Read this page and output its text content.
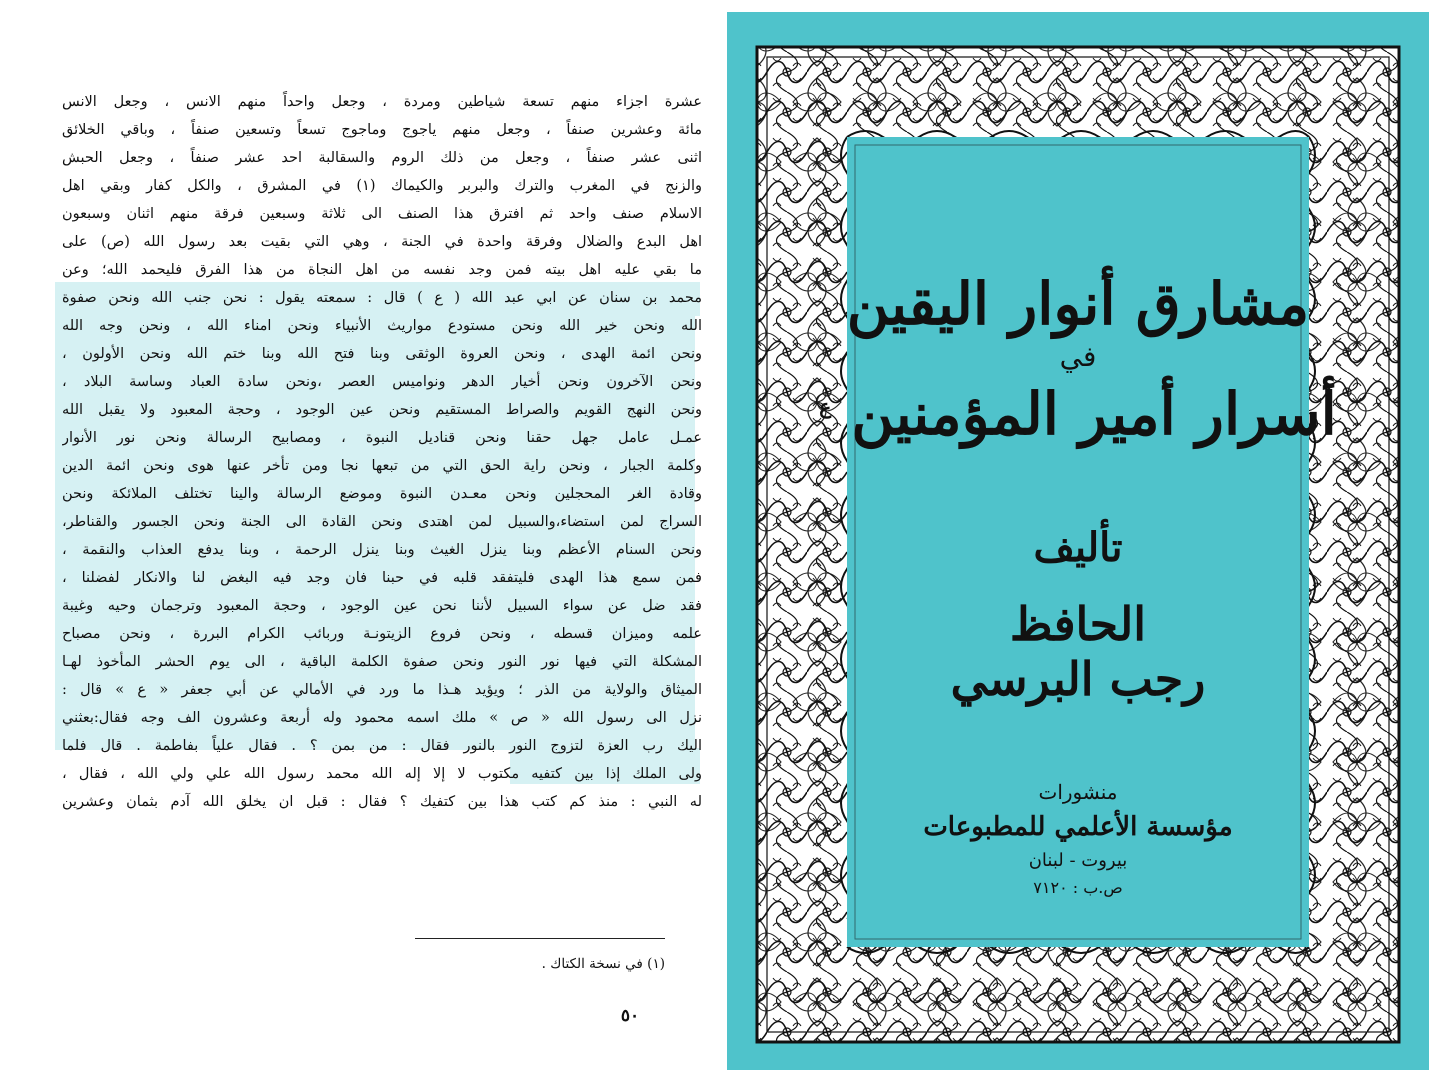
عشرة اجزاء منهم تسعة شياطين ومردة ، وجعل واحداً منهم الانس ، وجعل الانس
مائة وعشرين صنفاً ، وجعل منهم ياجوج وماجوج تسعاً وتسعين صنفاً ، وباقي الخلائق
اثنى عشر صنفاً ، وجعل من ذلك الروم والسقالبة احد عشر صنفاً ، وجعل الحبش
والزنج في المغرب والترك والبربر والكيماك (١) في المشرق ، والكل كفار وبقي اهل
الاسلام صنف واحد ثم افترق هذا الصنف الى ثلاثة وسبعين فرقة منهم اثنان وسبعون
اهل البدع والضلال وفرقة واحدة في الجنة ، وهي التي بقيت بعد رسول الله (ص) على
ما بقي عليه اهل بيته فمن وجد نفسه من اهل النجاة من هذا الفرق فليحمد الله؛ وعن
محمد بن سنان عن ابي عبد الله ( ع ) قال : سمعته يقول : نحن جنب الله ونحن صفوة
الله ونحن خير الله ونحن مستودع مواريث الأنبياء ونحن امناء الله ، ونحن وجه الله
ونحن ائمة الهدى ، ونحن العروة الوثقى وبنا فتح الله وبنا ختم الله ونحن الأولون ،
ونحن الآخرون ونحن أخيار الدهر ونواميس العصر ،ونحن سادة العباد وساسة البلاد ،
ونحن النهج القويم والصراط المستقيم ونحن عين الوجود ، وحجة المعبود ولا يقبل الله
عمـل عامل جهل حقنا ونحن قناديل النبوة ، ومصابيح الرسالة ونحن نور الأنوار
وكلمة الجبار ، ونحن راية الحق التي من تبعها نجا ومن تأخر عنها هوى ونحن ائمة الدين
وقادة الغر المحجلين ونحن معـدن النبوة وموضع الرسالة والينا تختلف الملائكة ونحن
السراج لمن استضاء،والسبيل لمن اهتدى ونحن القادة الى الجنة ونحن الجسور والقناطر،
ونحن السنام الأعظم وبنا ينزل الغيث وبنا ينزل الرحمة ، وبنا يدفع العذاب والنقمة ،
فمن سمع هذا الهدى فليتفقد قلبه في حبنا فان وجد فيه البغض لنا والانكار لفضلنا ،
فقد ضل عن سواء السبيل لأننا نحن عين الوجود ، وحجة المعبود وترجمان وحيه وغيبة
علمه وميزان قسطه ، ونحن فروع الزيتونـة وربائب الكرام البررة ، ونحن مصباح
المشكلة التي فيها نور النور ونحن صفوة الكلمة الباقية ، الى يوم الحشر المأخوذ لهـا
الميثاق والولاية من الذر ؛ ويؤيد هـذا ما ورد في الأمالي عن أبي جعفر « ع » قال :
نزل الى رسول الله « ص » ملك اسمه محمود وله أربعة وعشرون الف وجه فقال:بعثني
اليك رب العزة لتزوج النور بالنور فقال : من بمن ؟ . فقال علياً بفاطمة . قال فلما
ولى الملك إذا بين كتفيه مكتوب لا إلا إله الله محمد رسول الله علي ولي الله ، فقال ،
له النبي : منذ كم كتب هذا بين كتفيك ؟ فقال : قبل ان يخلق الله آدم بثمان وعشرين
(١) في نسخة الكتاك .
٥٠
مشارق أنوار اليقين
في
أسرار أمير المؤمنين $^ع$
تأليف
الحافظ
رجب البرسي
منشورات
مؤسسة الأعلمي للمطبوعات
بيروت - لبنان
ص.ب : ٧١٢٠
